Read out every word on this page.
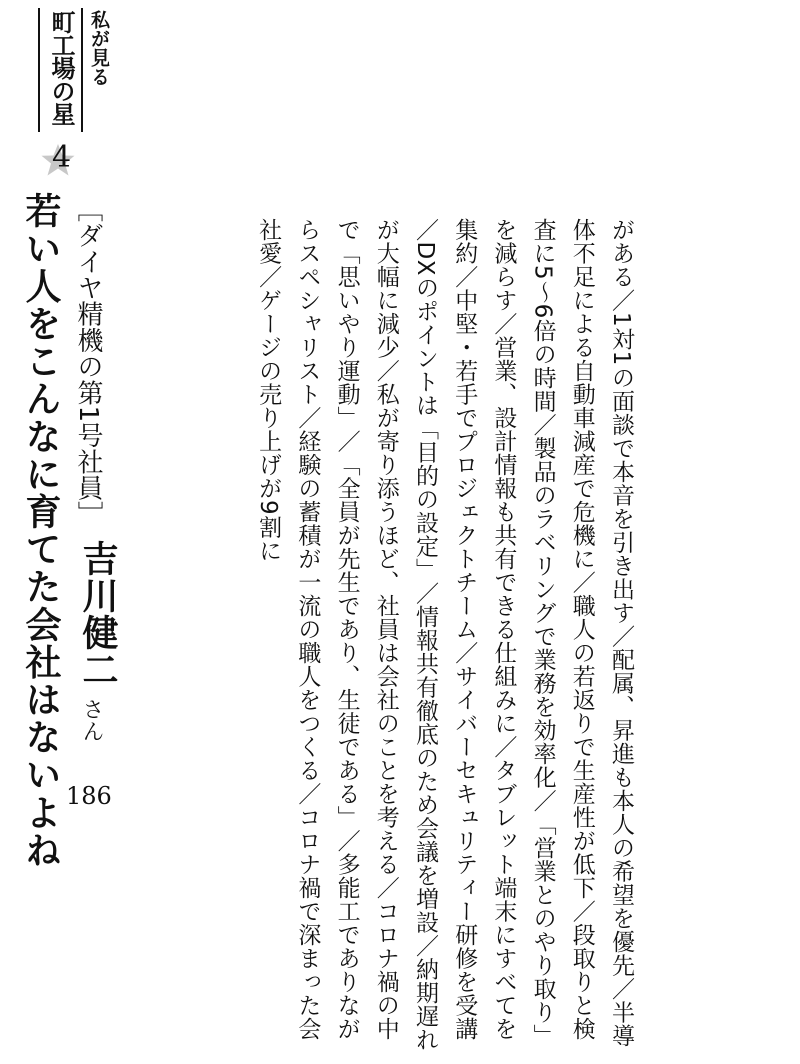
町工場の星 私が見る
4
若い人をこんなに育てた会社はないよね ［ダイヤ精機の第1号社員］
吉川健二
さん
186	がある／1対1の面談で本音を引き出す／配属、昇進も本人の希望を優先／半導体不足による自動車減産で危機に／職人の若返りで生産性が低下／段取りと検査に5～6倍の時間／製品のラベリングで業務を効率化／「営業とのやり取り」を減らす／営業、設計情報も共有できる仕組みに／タブレット端末にすべてを集約／中堅・若手でプロジェクトチーム／サイバーセキュリティー研修を受講／DXのポイントは「目的の設定」／情報共有徹底のため会議を増設／納期遅れが大幅に減少／私が寄り添うほど、社員は会社のことを考える／コロナ禍の中で「思いやり運動」／「全員が先生であり、生徒である」／多能工でありながらスペシャリスト／経験の蓄積が一流の職人をつくる／コロナ禍で深まった会社愛／ゲージの売り上げが9割に
